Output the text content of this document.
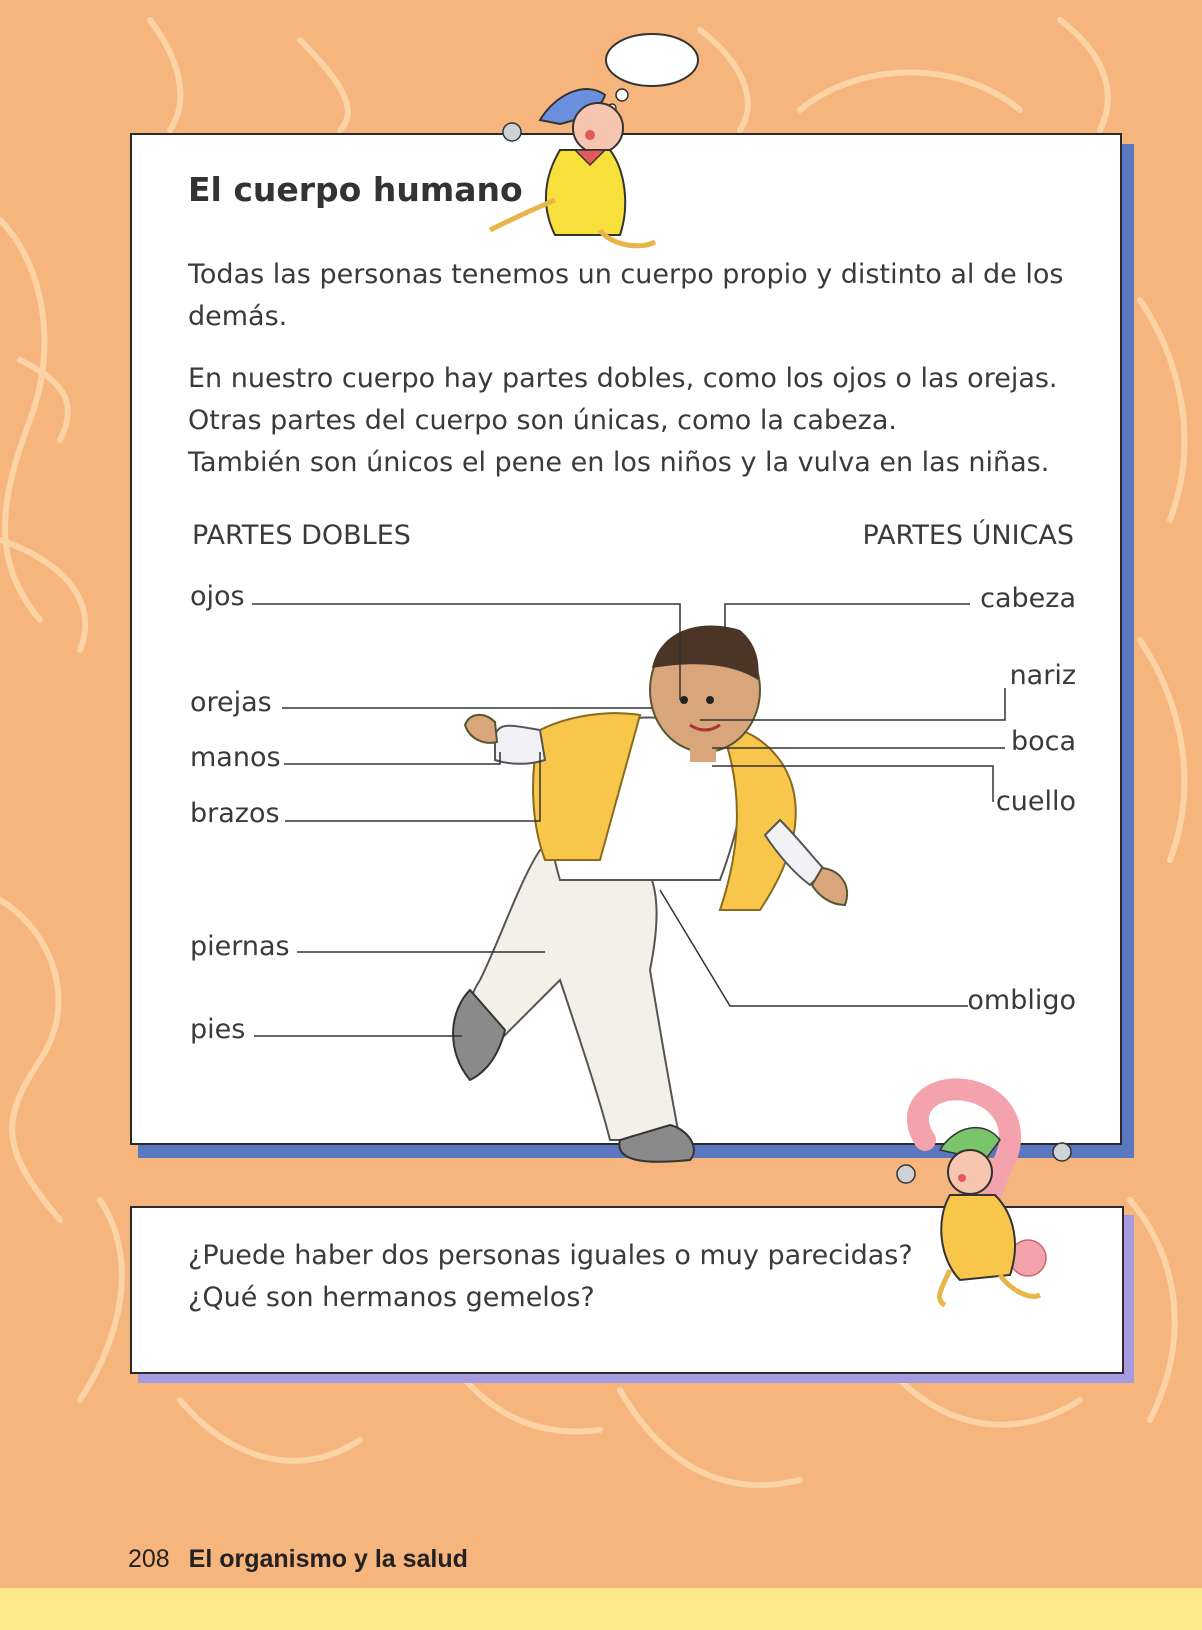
El cuerpo humano

Todas las personas tenemos un cuerpo propio y distinto al de los
demás.

En nuestro cuerpo hay partes dobles, como los ojos o las orejas.

Otras partes del cuerpo son únicas, como la cabeza.

También son únicos el pene en los niños y la vulva en las niñas.

PARTES DOBLES	PARTES ÚNICAS

ojos
orejas
manos
brazos
piernas
pies
cabeza
nariz
boca
cuello
ombligo

¿Puede haber dos personas iguales o muy parecidas?

¿Qué son hermanos gemelos?

208 El organismo y la salud
